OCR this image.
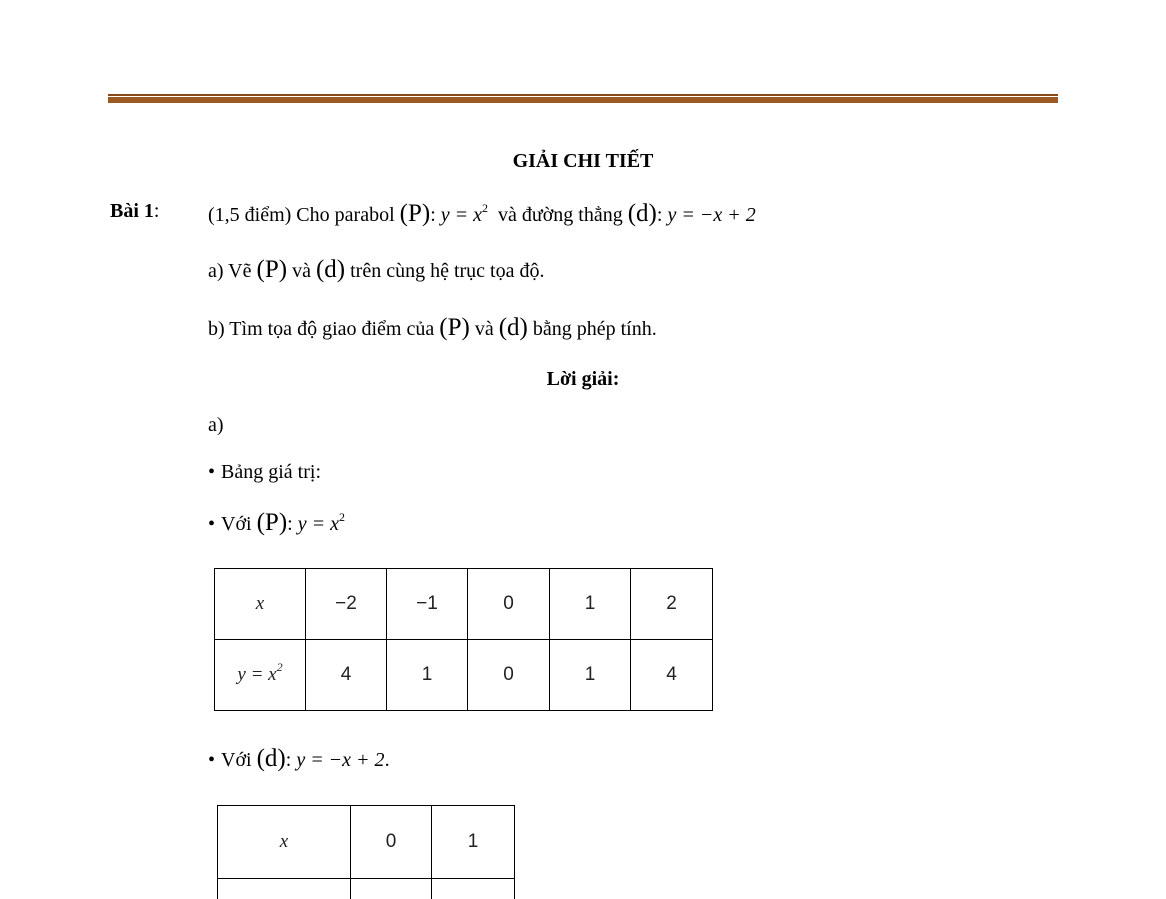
GIẢI CHI TIẾT
Bài 1: (1,5 điểm) Cho parabol (P): $y = x^2$ và đường thẳng (d): y = −x + 2
a) Vẽ (P) và (d) trên cùng hệ trục tọa độ.
b) Tìm tọa độ giao điểm của (P) và (d) bằng phép tính.
Lời giải:
a)
• Bảng giá trị:
• Với (P): $y = x^2$
x	−2	−1	0	1	2
$y = x^2$	4	1	0	1	4
• Với (d): y = −x + 2.
x	0	1
